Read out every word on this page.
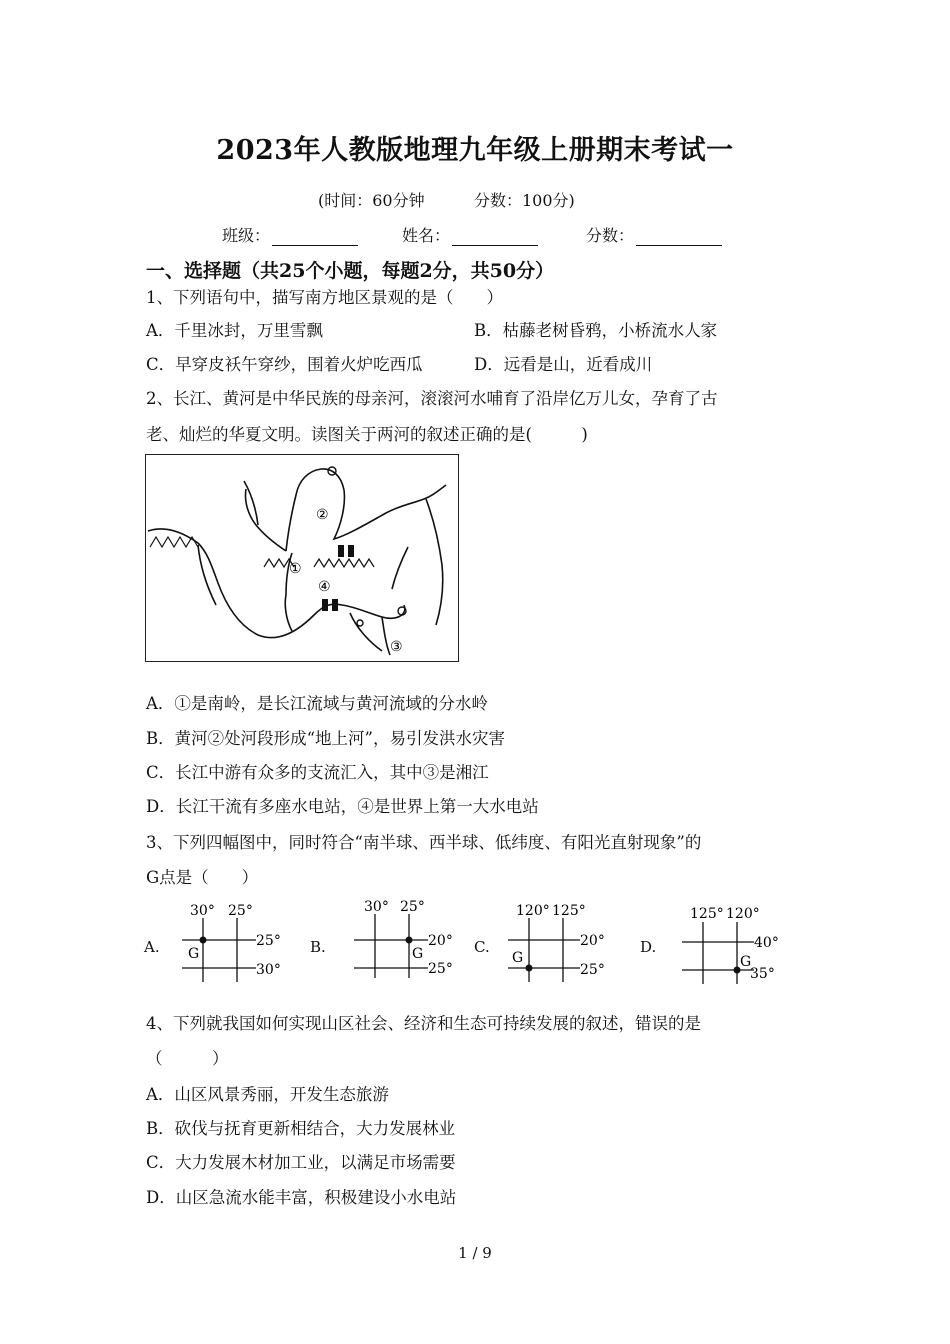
2023年人教版地理九年级上册期末考试一
(时间：60分钟	分数：100分)
班级：	姓名：	分数：
一、选择题（共25个小题，每题2分，共50分）
1、下列语句中，描写南方地区景观的是（　　）
A．千里冰封，万里雪飘	B．枯藤老树昏鸦，小桥流水人家
C．早穿皮袄午穿纱，围着火炉吃西瓜	D．远看是山，近看成川
2、长江、黄河是中华民族的母亲河，滚滚河水哺育了沿岸亿万儿女，孕育了古
老、灿烂的华夏文明。读图关于两河的叙述正确的是(　　　)
①
②
③
④
A．①是南岭，是长江流域与黄河流域的分水岭
B．黄河②处河段形成“地上河”，易引发洪水灾害
C．长江中游有众多的支流汇入，其中③是湘江
D．长江干流有多座水电站，④是世界上第一大水电站
3、下列四幅图中，同时符合“南半球、西半球、低纬度、有阳光直射现象”的
G点是（　　）
A. G
30° 25°
25°
30°
B.	G
30° 25°
20°
25°
C.
G
120° 125°
20°
25°
D.
G
125° 120°
40°
35°
4、下列就我国如何实现山区社会、经济和生态可持续发展的叙述，错误的是
（　　　）
A．山区风景秀丽，开发生态旅游
B．砍伐与抚育更新相结合，大力发展林业
C．大力发展木材加工业，以满足市场需要
D．山区急流水能丰富，积极建设小水电站
1 / 9
